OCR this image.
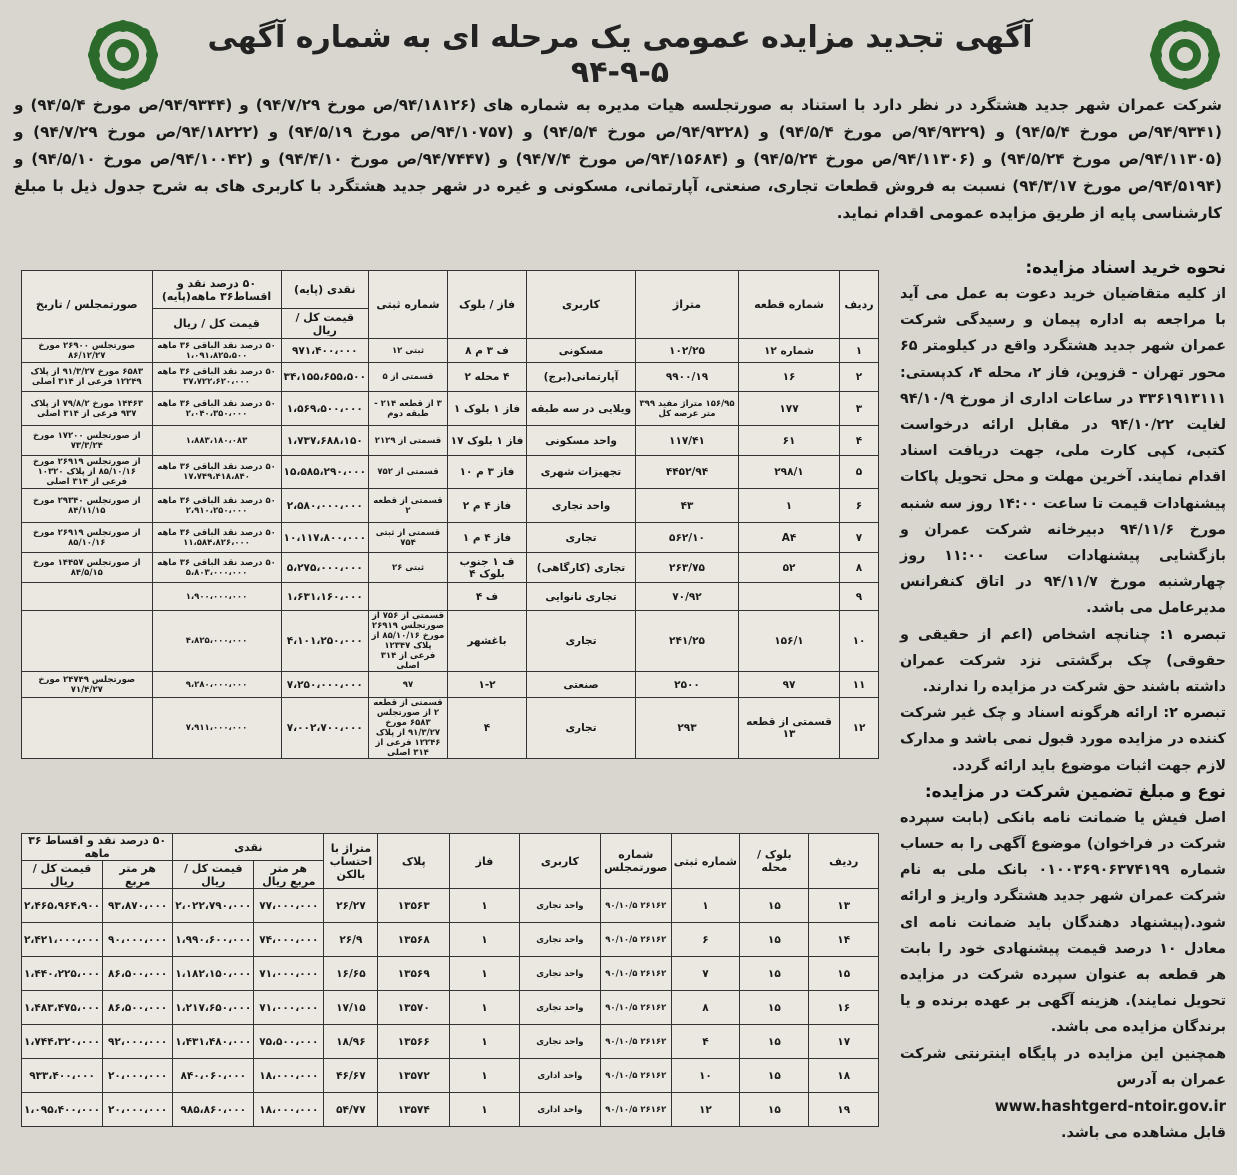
آگهی تجدید مزایده عمومی یک مرحله ای به شماره آگهی ۵-۹-۹۴
شرکت عمران شهر جدید هشتگرد در نظر دارد با استناد به صورتجلسه هیات مدیره به شماره های (۹۴/۱۸۱۲۶/ص مورخ ۹۴/۷/۲۹) و (۹۴/۹۳۴۴/ص مورخ ۹۴/۵/۴) و (۹۴/۹۳۴۱/ص مورخ ۹۴/۵/۴) و (۹۴/۹۳۲۹/ص مورخ ۹۴/۵/۴) و (۹۴/۹۳۲۸/ص مورخ ۹۴/۵/۴) و (۹۴/۱۰۷۵۷/ص مورخ ۹۴/۵/۱۹) و (۹۴/۱۸۲۲۲/ص مورخ ۹۴/۷/۲۹) و (۹۴/۱۱۳۰۵/ص مورخ ۹۴/۵/۲۴) و (۹۴/۱۱۳۰۶/ص مورخ ۹۴/۵/۲۴) و (۹۴/۱۵۶۸۴/ص مورخ ۹۴/۷/۴) و (۹۴/۷۴۴۷/ص مورخ ۹۴/۴/۱۰) و (۹۴/۱۰۰۴۲/ص مورخ ۹۴/۵/۱۰) و (۹۴/۵۱۹۴/ص مورخ ۹۴/۳/۱۷) نسبت به فروش قطعات تجاری، صنعتی، آپارتمانی، مسکونی و غیره در شهر جدید هشتگرد با کاربری های به شرح جدول ذیل با مبلغ کارشناسی پایه از طریق مزایده عمومی اقدام نماید.
نحوه خرید اسناد مزایده:

از کلیه متقاضیان خرید دعوت به عمل می آید با مراجعه به اداره پیمان و رسیدگی شرکت عمران شهر جدید هشتگرد واقع در کیلومتر ۶۵ محور تهران - قزوین، فاز ۲، محله ۴، کدپستی: ۳۳۶۱۹۱۳۱۱۱ در ساعات اداری از مورخ ۹۴/۱۰/۹ لغایت ۹۴/۱۰/۲۲ در مقابل ارائه درخواست کتبی، کپی کارت ملی، جهت دریافت اسناد اقدام نمایند. آخرین مهلت و محل تحویل پاکات پیشنهادات قیمت تا ساعت ۱۴:۰۰ روز سه شنبه مورخ ۹۴/۱۱/۶ دبیرخانه شرکت عمران و بازگشایی پیشنهادات ساعت ۱۱:۰۰ روز چهارشنبه مورخ ۹۴/۱۱/۷ در اتاق کنفرانس مدیرعامل می باشد.

تبصره ۱: چنانچه اشخاص (اعم از حقیقی و حقوقی) چک برگشتی نزد شرکت عمران داشته باشند حق شرکت در مزایده را ندارند.

تبصره ۲: ارائه هرگونه اسناد و چک غیر شرکت کننده در مزایده مورد قبول نمی باشد و مدارک لازم جهت اثبات موضوع باید ارائه گردد.

نوع و مبلغ تضمین شرکت در مزایده:

اصل فیش یا ضمانت نامه بانکی (بابت سپرده شرکت در فراخوان) موضوع آگهی را به حساب شماره ۰۱۰۰۳۶۹۰۶۳۷۴۱۹۹ بانک ملی به نام شرکت عمران شهر جدید هشتگرد واریز و ارائه شود.(پیشنهاد دهندگان باید ضمانت نامه ای معادل ۱۰ درصد قیمت پیشنهادی خود را بابت هر قطعه به عنوان سپرده شرکت در مزایده تحویل نمایند). هزینه آگهی بر عهده برنده و یا برندگان مزایده می باشد.

همچنین این مزایده در پایگاه اینترنتی شرکت عمران به آدرس
www.hashtgerd-ntoir.gov.ir
قابل مشاهده می باشد.

ردیف	شماره قطعه	متراژ	کاربری	فاز / بلوک	شماره ثبتی	نقدی (پایه)	۵۰ درصد نقد و اقساط۳۶ ماهه(پایه)	صورتمجلس / تاریخ
						قیمت کل / ریال	قیمت کل / ریال	
۱	شماره ۱۲	۱۰۲/۲۵	مسکونی	ف ۳ م ۸	ثبتی ۱۲	۹۷۱،۴۰۰،۰۰۰	۵۰ درصد نقد الباقی ۳۶ ماهه ۱،۰۹۱،۸۲۵،۵۰۰	صورتجلس ۲۶۹۰۰ مورخ ۸۶/۱۲/۲۷
۲	۱۶	۹۹۰۰/۱۹	آپارتمانی(برج)	۴ محله ۲	قسمتی از ۵	۳۴،۱۵۵،۶۵۵،۵۰۰	۵۰ درصد نقد الباقی ۳۶ ماهه ۳۷،۷۲۲،۶۲۰،۰۰۰	۶۵۸۳ مورخ ۹۱/۳/۲۷ از پلاک ۱۲۲۴۹ فرعی از ۳۱۴ اصلی
۳	۱۷۷	۱۵۶/۹۵ متراژ مفید ۳۹۹ متر عرصه کل	ویلایی در سه طبقه	فاز ۱ بلوک ۱	۳ از قطعه ۲۱۴ - طبقه دوم	۱،۵۶۹،۵۰۰،۰۰۰	۵۰ درصد نقد الباقی ۳۶ ماهه ۲،۰۴۰،۳۵۰،۰۰۰	۱۴۴۶۳ مورخ ۷۹/۸/۲ از پلاک ۹۳۷ فرعی از ۳۱۴ اصلی
۴	۶۱	۱۱۷/۴۱	واحد مسکونی	فاز ۱ بلوک ۱۷	قسمتی از ۲۱۲۹	۱،۷۳۷،۶۸۸،۱۵۰	۱،۸۸۳،۱۸۰،۰۸۳	از صورتجلس ۱۷۲۰۰ مورخ ۷۳/۳/۲۴
۵	۲۹۸/۱	۴۴۵۲/۹۴	تجهیزات شهری	فاز ۳ م ۱۰	قسمتی از ۷۵۲	۱۵،۵۸۵،۲۹۰،۰۰۰	۵۰ درصد نقد الباقی ۳۶ ماهه ۱۷،۷۴۹،۴۱۸،۸۴۰	از صورتجلس ۲۶۹۱۹ مورخ ۸۵/۱۰/۱۶ از پلاک ۱۰۳۲۰ فرعی از ۳۱۴ اصلی
۶	۱	۴۳	واحد تجاری	فاز ۴ م ۲	قسمتی از قطعه ۲	۲،۵۸۰،۰۰۰،۰۰۰	۵۰ درصد نقد الباقی ۳۶ ماهه ۲،۹۱۰،۲۵۰،۰۰۰	از صورتجلس ۲۹۳۴۰ مورخ ۸۴/۱۱/۱۵
۷	A۴	۵۶۲/۱۰	تجاری	فاز ۴ م ۱	قسمتی از ثبتی ۷۵۴	۱۰،۱۱۷،۸۰۰،۰۰۰	۵۰ درصد نقد الباقی ۳۶ ماهه ۱۱،۵۸۴،۸۲۶،۰۰۰	از صورتجلس ۲۶۹۱۹ مورخ ۸۵/۱۰/۱۶
۸	۵۲	۲۶۳/۷۵	تجاری (کارگاهی)	ف ۱ جنوب بلوک ۴	ثبتی ۲۶	۵،۲۷۵،۰۰۰،۰۰۰	۵۰ درصد نقد الباقی ۳۶ ماهه ۵،۸۰۳،۰۰۰،۰۰۰	از صورتجلس ۱۴۴۵۷ مورخ ۸۴/۵/۱۵
۹		۷۰/۹۲	تجاری نانوایی	ف ۴		۱،۶۳۱،۱۶۰،۰۰۰	۱،۹۰۰،۰۰۰،۰۰۰	
۱۰	۱۵۶/۱	۲۴۱/۲۵	تجاری	باغشهر	قسمتی از ۷۵۶ از صورتجلس ۲۶۹۱۹ مورخ ۸۵/۱۰/۱۶ از پلاک ۱۲۳۴۷ فرعی از ۳۱۴ اصلی	۴،۱۰۱،۲۵۰،۰۰۰	۴،۸۲۵،۰۰۰،۰۰۰	
۱۱	۹۷	۲۵۰۰	صنعتی	۱-۲	۹۷	۷،۲۵۰،۰۰۰،۰۰۰	۹،۲۸۰،۰۰۰،۰۰۰	صورتجلس ۲۴۷۴۹ مورخ ۷۱/۴/۲۷
۱۲	قسمتی از قطعه ۱۳	۲۹۳	تجاری	۴	قسمتی از قطعه ۲ از صورتجلس ۶۵۸۳ مورخ ۹۱/۳/۲۷ از پلاک ۱۲۲۴۶ فرعی از ۳۱۴ اصلی	۷،۰۰۲،۷۰۰،۰۰۰	۷،۹۱۱،۰۰۰،۰۰۰	
ردیف	بلوک / محله	شماره ثبتی	شماره صورتمجلس	کاربری	فاز	پلاک	متراژ با احتساب بالکن	نقدی		۵۰ درصد نقد و اقساط ۳۶ ماهه	
								هر متر مربع ریال	قیمت کل / ریال	هر متر مربع	قیمت کل / ریال
۱۳	۱۵	۱	۲۶۱۶۲ ۹۰/۱۰/۵	واحد تجاری	۱	۱۳۵۶۳	۲۶/۲۷	۷۷،۰۰۰،۰۰۰	۲،۰۲۲،۷۹۰،۰۰۰	۹۳،۸۷۰،۰۰۰	۲،۴۶۵،۹۶۴،۹۰۰
۱۴	۱۵	۶	۲۶۱۶۲ ۹۰/۱۰/۵	واحد تجاری	۱	۱۳۵۶۸	۲۶/۹	۷۴،۰۰۰،۰۰۰	۱،۹۹۰،۶۰۰،۰۰۰	۹۰،۰۰۰،۰۰۰	۲،۴۲۱،۰۰۰،۰۰۰
۱۵	۱۵	۷	۲۶۱۶۲ ۹۰/۱۰/۵	واحد تجاری	۱	۱۳۵۶۹	۱۶/۶۵	۷۱،۰۰۰،۰۰۰	۱،۱۸۲،۱۵۰،۰۰۰	۸۶،۵۰۰،۰۰۰	۱،۴۴۰،۲۲۵،۰۰۰
۱۶	۱۵	۸	۲۶۱۶۲ ۹۰/۱۰/۵	واحد تجاری	۱	۱۳۵۷۰	۱۷/۱۵	۷۱،۰۰۰،۰۰۰	۱،۲۱۷،۶۵۰،۰۰۰	۸۶،۵۰۰،۰۰۰	۱،۴۸۳،۴۷۵،۰۰۰
۱۷	۱۵	۴	۲۶۱۶۲ ۹۰/۱۰/۵	واحد تجاری	۱	۱۳۵۶۶	۱۸/۹۶	۷۵،۵۰۰،۰۰۰	۱،۴۳۱،۴۸۰،۰۰۰	۹۲،۰۰۰،۰۰۰	۱،۷۴۴،۳۲۰،۰۰۰
۱۸	۱۵	۱۰	۲۶۱۶۲ ۹۰/۱۰/۵	واحد اداری	۱	۱۳۵۷۲	۴۶/۶۷	۱۸،۰۰۰،۰۰۰	۸۴۰،۰۶۰،۰۰۰	۲۰،۰۰۰،۰۰۰	۹۳۳،۴۰۰،۰۰۰
۱۹	۱۵	۱۲	۲۶۱۶۲ ۹۰/۱۰/۵	واحد اداری	۱	۱۳۵۷۴	۵۴/۷۷	۱۸،۰۰۰،۰۰۰	۹۸۵،۸۶۰،۰۰۰	۲۰،۰۰۰،۰۰۰	۱،۰۹۵،۴۰۰،۰۰۰
